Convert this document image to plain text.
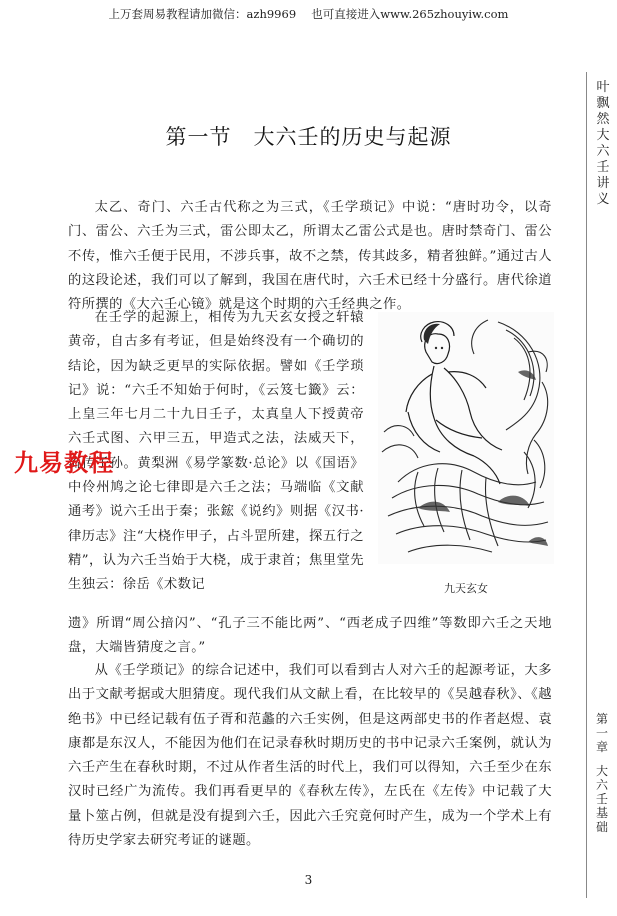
上万套周易教程请加微信：azh9969　 也可直接进入www.265zhouyiw.com
叶
飘
然
大
六
壬
讲
义
第
一
章
大
六
壬
基
础
第一节　大六壬的历史与起源
太乙、奇门、六壬古代称之为三式，《壬学琐记》中说：“唐时功令，以奇门、雷公、六壬为三式，雷公即太乙，所谓太乙雷公式是也。唐时禁奇门、雷公不传，惟六壬便于民用，不涉兵事，故不之禁，传其歧多，精者独鲜。”通过古人的这段论述，我们可以了解到，我国在唐代时，六壬术已经十分盛行。唐代徐道符所撰的《大六壬心镜》就是这个时期的六壬经典之作。
在壬学的起源上，相传为九天玄女授之轩辕黄帝，自古多有考证，但是始终没有一个确切的结论，因为缺乏更早的实际依据。譬如《壬学琐记》说：“六壬不知始于何时，《云笈七籤》云：上皇三年七月二十九日壬子，太真皇人下授黄帝六壬式图、六甲三五，甲造式之法，法威天下，流传子孙。黄梨洲《易学篆数·总论》以《国语》中伶州鸠之论七律即是六壬之法；马端临《文献通考》说六壬出于秦；张鋐《说约》则据《汉书·律历志》注“大桡作甲子，占斗罡所建，探五行之精”，认为六壬当始于大桡，成于隶首；焦里堂先生独云：徐岳《术数记	九天玄女
九易教程
遗》所谓“周公揞闪”、“孔子三不能比两”、“西老成子四维”等数即六壬之天地盘，大端皆猜度之言。”
从《壬学琐记》的综合记述中，我们可以看到古人对六壬的起源考证，大多出于文献考据或大胆猜度。现代我们从文献上看，在比较早的《吴越春秋》、《越绝书》中已经记载有伍子胥和范蠡的六壬实例，但是这两部史书的作者赵煜、袁康都是东汉人，不能因为他们在记录春秋时期历史的书中记录六壬案例，就认为六壬产生在春秋时期，不过从作者生活的时代上，我们可以得知，六壬至少在东汉时已经广为流传。我们再看更早的《春秋左传》，左氏在《左传》中记载了大量卜筮占例，但就是没有提到六壬，因此六壬究竟何时产生，成为一个学术上有待历史学家去研究考证的谜题。
3
